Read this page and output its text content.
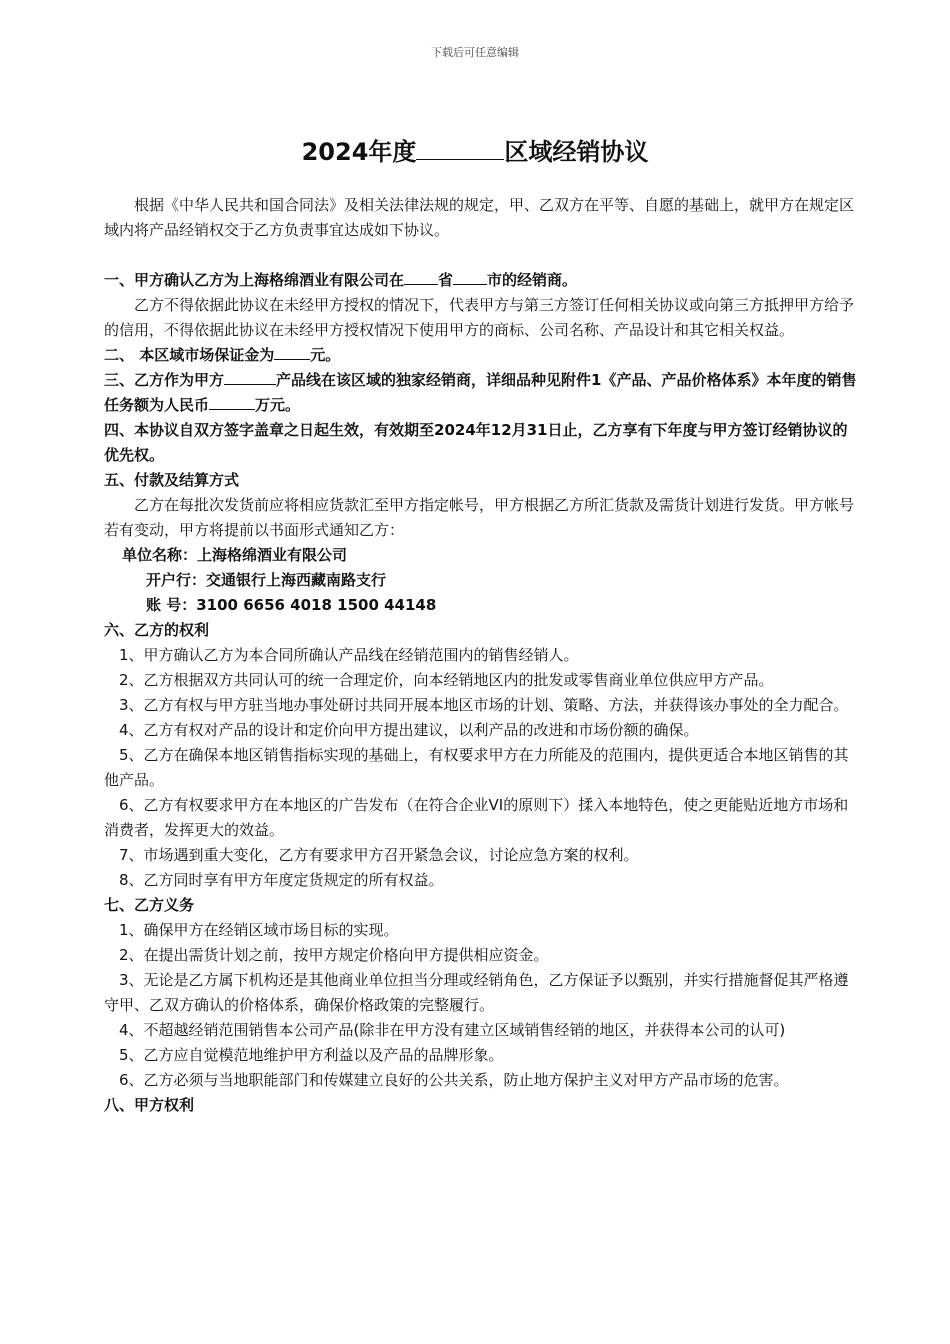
下载后可任意编辑
2024年度	区域经销协议

根据《中华人民共和国合同法》及相关法律法规的规定，甲、乙双方在平等、自愿的基础上，就甲方在规定区域内将产品经销权交于乙方负责事宜达成如下协议。

一、甲方确认乙方为上海格绵酒业有限公司在 省 市的经销商。

乙方不得依据此协议在未经甲方授权的情况下，代表甲方与第三方签订任何相关协议或向第三方抵押甲方给予的信用，不得依据此协议在未经甲方授权情况下使用甲方的商标、公司名称、产品设计和其它相关权益。

二、 本区域市场保证金为 元。

三、乙方作为甲方	产品线在该区域的独家经销商，详细品种见附件1《产品、产品价格体系》本年度的销售任务额为人民币	万元。

四、本协议自双方签字盖章之日起生效，有效期至2024年12月31日止，乙方享有下年度与甲方签订经销协议的优先权。

五、付款及结算方式

乙方在每批次发货前应将相应货款汇至甲方指定帐号，甲方根据乙方所汇货款及需货计划进行发货。甲方帐号若有变动，甲方将提前以书面形式通知乙方：

单位名称：上海格绵酒业有限公司

开户行：交通银行上海西藏南路支行

账 号：3100 6656 4018 1500 44148

六、乙方的权利

1、甲方确认乙方为本合同所确认产品线在经销范围内的销售经销人。

2、乙方根据双方共同认可的统一合理定价，向本经销地区内的批发或零售商业单位供应甲方产品。

3、乙方有权与甲方驻当地办事处研讨共同开展本地区市场的计划、策略、方法，并获得该办事处的全力配合。

4、乙方有权对产品的设计和定价向甲方提出建议，以利产品的改进和市场份额的确保。

5、乙方在确保本地区销售指标实现的基础上，有权要求甲方在力所能及的范围内，提供更适合本地区销售的其他产品。

6、乙方有权要求甲方在本地区的广告发布（在符合企业VI的原则下）揉入本地特色，使之更能贴近地方市场和消费者，发挥更大的效益。

7、市场遇到重大变化，乙方有要求甲方召开紧急会议，讨论应急方案的权利。

8、乙方同时享有甲方年度定货规定的所有权益。

七、乙方义务

1、确保甲方在经销区域市场目标的实现。

2、在提出需货计划之前，按甲方规定价格向甲方提供相应资金。

3、无论是乙方属下机构还是其他商业单位担当分理或经销角色，乙方保证予以甄别，并实行措施督促其严格遵守甲、乙双方确认的价格体系，确保价格政策的完整履行。

4、不超越经销范围销售本公司产品(除非在甲方没有建立区域销售经销的地区，并获得本公司的认可)

5、乙方应自觉模范地维护甲方利益以及产品的品牌形象。

6、乙方必须与当地职能部门和传媒建立良好的公共关系，防止地方保护主义对甲方产品市场的危害。

八、甲方权利
